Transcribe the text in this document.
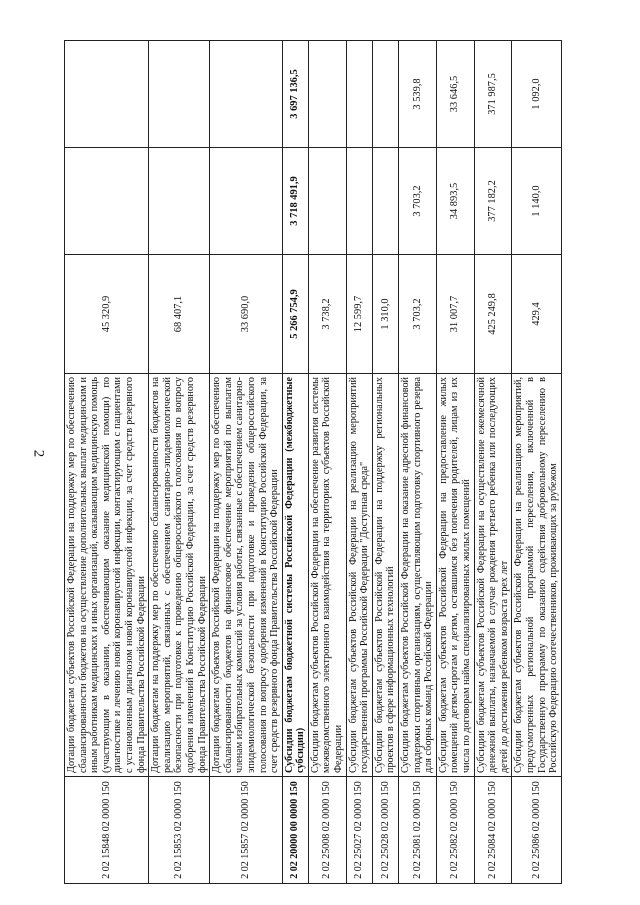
2
2 02 15848 02 0000 150	Дотации бюджетам субъектов Российской Федерации на поддержку мер по обеспечению сбалансированности бюджетов на осуществление дополнительных выплат медицинским и иным работникам медицинских и иных организаций, оказывающим медицинскую помощь (участвующим в оказании, обеспечивающим оказание медицинской помощи) по диагностике и лечению новой коронавирусной инфекции, контактирующим с пациентами с установленным диагнозом новой коронавирусной инфекции, за счет средств резервного фонда Правительства Российской Федерации	45 320,9		
2 02 15853 02 0000 150	Дотации бюджетам на поддержку мер по обеспечению сбалансированности бюджетов на реализацию мероприятий, связанных с обеспечением санитарно-эпидемиологической безопасности при подготовке к проведению общероссийского голосования по вопросу одобрения изменений в Конституцию Российской Федерации, за счет средств резервного фонда Правительства Российской Федерации	68 407,1		
2 02 15857 02 0000 150	Дотации бюджетам субъектов Российской Федерации на поддержку мер по обеспечению сбалансированности бюджетов на финансовое обеспечение мероприятий по выплатам членам избирательных комиссий за условия работы, связанные с обеспечением санитарно-эпидемиологической безопасности при подготовке и проведении общероссийского голосования по вопросу одобрения изменений в Конституцию Российской Федерации, за счет средств резервного фонда Правительства Российской Федерации	33 690,0		
2 02 20000 00 0000 150	Субсидии бюджетам бюджетной системы Российской Федерации (межбюджетные субсидии)	5 266 754,9	3 718 491,9	3 697 136,5
2 02 25008 02 0000 150	Субсидии бюджетам субъектов Российской Федерации на обеспечение развития системы межведомственного электронного взаимодействия на территориях субъектов Российской Федерации	3 738,2		
2 02 25027 02 0000 150	Субсидии бюджетам субъектов Российской Федерации на реализацию мероприятий государственной программы Российской Федерации "Доступная среда"	12 599,7		
2 02 25028 02 0000 150	Субсидии бюджетам субъектов Российской Федерации на поддержку региональных проектов в сфере информационных технологий	1 310,0		
2 02 25081 02 0000 150	Субсидии бюджетам субъектов Российской Федерации на оказание адресной финансовой поддержки спортивным организациям, осуществляющим подготовку спортивного резерва для сборных команд Российской Федерации	3 703,2	3 703,2	3 539,8
2 02 25082 02 0000 150	Субсидии бюджетам субъектов Российской Федерации на предоставление жилых помещений детям-сиротам и детям, оставшимся без попечения родителей, лицам из их числа по договорам найма специализированных жилых помещений	31 007,7	34 893,5	33 646,5
2 02 25084 02 0000 150	Субсидии бюджетам субъектов Российской Федерации на осуществление ежемесячной денежной выплаты, назначаемой в случае рождения третьего ребенка или последующих детей до достижения ребенком возраста трех лет	425 249,8	377 182,2	371 987,5
2 02 25086 02 0000 150	Субсидии бюджетам субъектов Российской Федерации на реализацию мероприятий, предусмотренных региональной программой переселения, включенной в Государственную программу по оказанию содействия добровольному переселению в Российскую Федерацию соотечественников, проживающих за рубежом	429,4	1 140,0	1 092,0
